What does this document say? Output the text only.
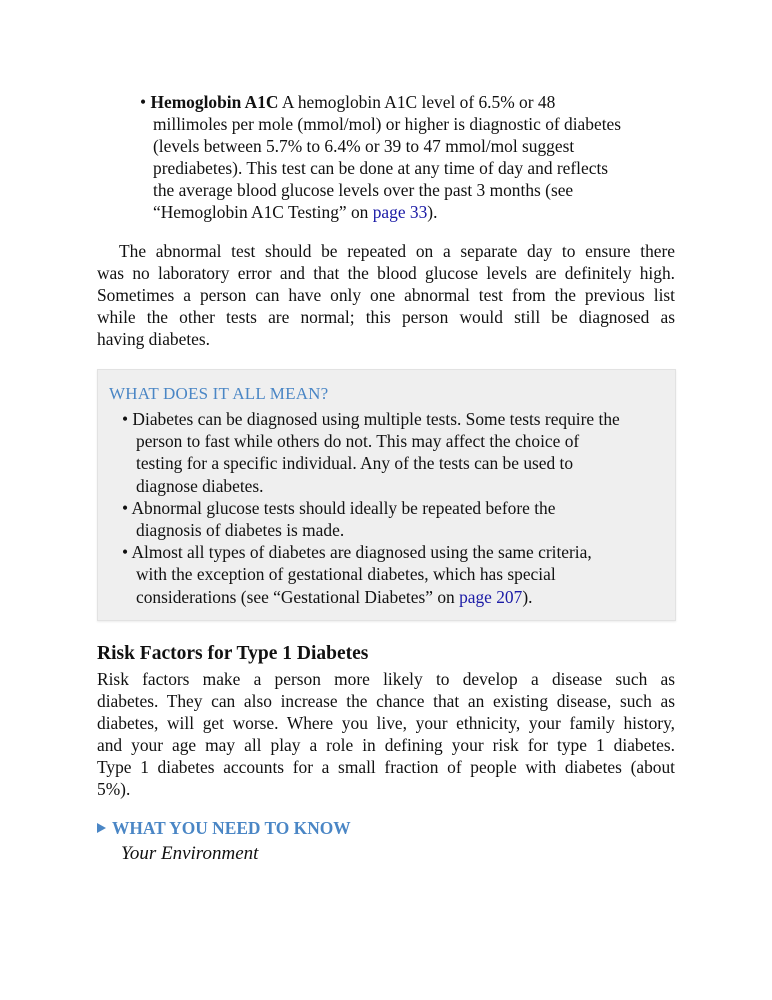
• Hemoglobin A1C A hemoglobin A1C level of 6.5% or 48
millimoles per mole (mmol/mol) or higher is diagnostic of diabetes
(levels between 5.7% to 6.4% or 39 to 47 mmol/mol suggest
prediabetes). This test can be done at any time of day and reflects
the average blood glucose levels over the past 3 months (see
“Hemoglobin A1C Testing” on page 33).
The abnormal test should be repeated on a separate day to ensure there
was no laboratory error and that the blood glucose levels are definitely high.
Sometimes a person can have only one abnormal test from the previous list
while the other tests are normal; this person would still be diagnosed as
having diabetes.
WHAT DOES IT ALL MEAN?
• Diabetes can be diagnosed using multiple tests. Some tests require the
person to fast while others do not. This may affect the choice of
testing for a specific individual. Any of the tests can be used to
diagnose diabetes.
• Abnormal glucose tests should ideally be repeated before the
diagnosis of diabetes is made.
• Almost all types of diabetes are diagnosed using the same criteria,
with the exception of gestational diabetes, which has special
considerations (see “Gestational Diabetes” on page 207).
Risk Factors for Type 1 Diabetes
Risk factors make a person more likely to develop a disease such as
diabetes. They can also increase the chance that an existing disease, such as
diabetes, will get worse. Where you live, your ethnicity, your family history,
and your age may all play a role in defining your risk for type 1 diabetes.
Type 1 diabetes accounts for a small fraction of people with diabetes (about
5%).
WHAT YOU NEED TO KNOW
Your Environment
